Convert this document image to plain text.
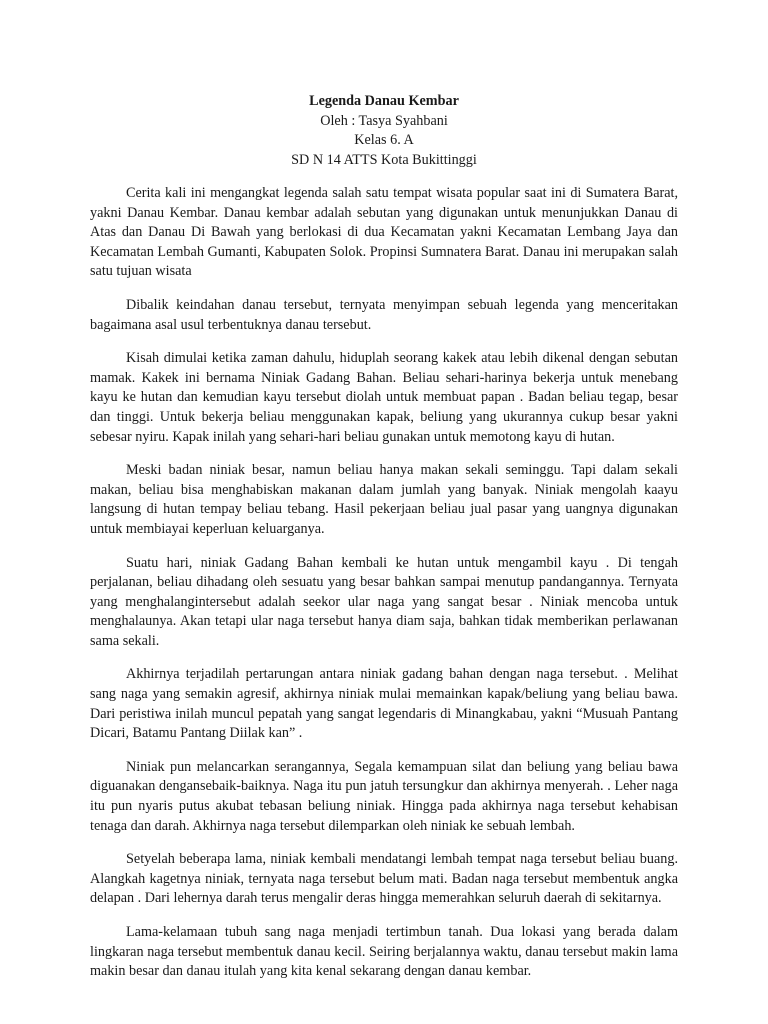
Legenda Danau Kembar
Oleh : Tasya Syahbani
Kelas 6. A
SD N 14 ATTS Kota Bukittinggi

Cerita kali ini mengangkat legenda salah satu tempat wisata popular saat ini di Sumatera Barat, yakni Danau Kembar. Danau kembar adalah sebutan yang digunakan untuk menunjukkan Danau di Atas dan Danau Di Bawah yang berlokasi di dua Kecamatan yakni Kecamatan Lembang Jaya dan Kecamatan Lembah Gumanti, Kabupaten Solok. Propinsi Sumnatera Barat. Danau ini merupakan salah satu tujuan wisata

Dibalik keindahan danau tersebut, ternyata menyimpan sebuah legenda yang menceritakan bagaimana asal usul terbentuknya danau tersebut.

Kisah dimulai ketika zaman dahulu, hiduplah seorang kakek atau lebih dikenal dengan sebutan mamak. Kakek ini bernama Niniak Gadang Bahan. Beliau sehari-harinya bekerja untuk menebang kayu ke hutan dan kemudian kayu tersebut diolah untuk membuat papan . Badan beliau tegap, besar dan tinggi. Untuk bekerja beliau menggunakan kapak, beliung yang ukurannya cukup besar yakni sebesar nyiru. Kapak inilah yang sehari-hari beliau gunakan untuk memotong kayu di hutan.

Meski badan niniak besar, namun beliau hanya makan sekali seminggu. Tapi dalam sekali makan, beliau bisa menghabiskan makanan dalam jumlah yang banyak. Niniak mengolah kaayu langsung di hutan tempay beliau tebang. Hasil pekerjaan beliau jual pasar yang uangnya digunakan untuk membiayai keperluan keluarganya.

Suatu hari, niniak Gadang Bahan kembali ke hutan untuk mengambil kayu . Di tengah perjalanan, beliau dihadang oleh sesuatu yang besar bahkan sampai menutup pandangannya. Ternyata yang menghalangintersebut adalah seekor ular naga yang sangat besar . Niniak mencoba untuk menghalaunya. Akan tetapi ular naga tersebut hanya diam saja, bahkan tidak memberikan perlawanan sama sekali.

Akhirnya terjadilah pertarungan antara niniak gadang bahan dengan naga tersebut. . Melihat sang naga yang semakin agresif, akhirnya niniak mulai memainkan kapak/beliung yang beliau bawa. Dari peristiwa inilah muncul pepatah yang sangat legendaris di Minangkabau, yakni “Musuah Pantang Dicari, Batamu Pantang Diilak kan” .

Niniak pun melancarkan serangannya, Segala kemampuan silat dan beliung yang beliau bawa diguanakan dengansebaik-baiknya. Naga itu pun jatuh tersungkur dan akhirnya menyerah. . Leher naga itu pun nyaris putus akubat tebasan beliung niniak. Hingga pada akhirnya naga tersebut kehabisan tenaga dan darah. Akhirnya naga tersebut dilemparkan oleh niniak ke sebuah lembah.

Setyelah beberapa lama, niniak kembali mendatangi lembah tempat naga tersebut beliau buang. Alangkah kagetnya niniak, ternyata naga tersebut belum mati. Badan naga tersebut membentuk angka delapan . Dari lehernya darah terus mengalir deras hingga memerahkan seluruh daerah di sekitarnya.

Lama-kelamaan tubuh sang naga menjadi tertimbun tanah. Dua lokasi yang berada dalam lingkaran naga tersebut membentuk danau kecil. Seiring berjalannya waktu, danau tersebut makin lama makin besar dan danau itulah yang kita kenal sekarang dengan danau kembar.
